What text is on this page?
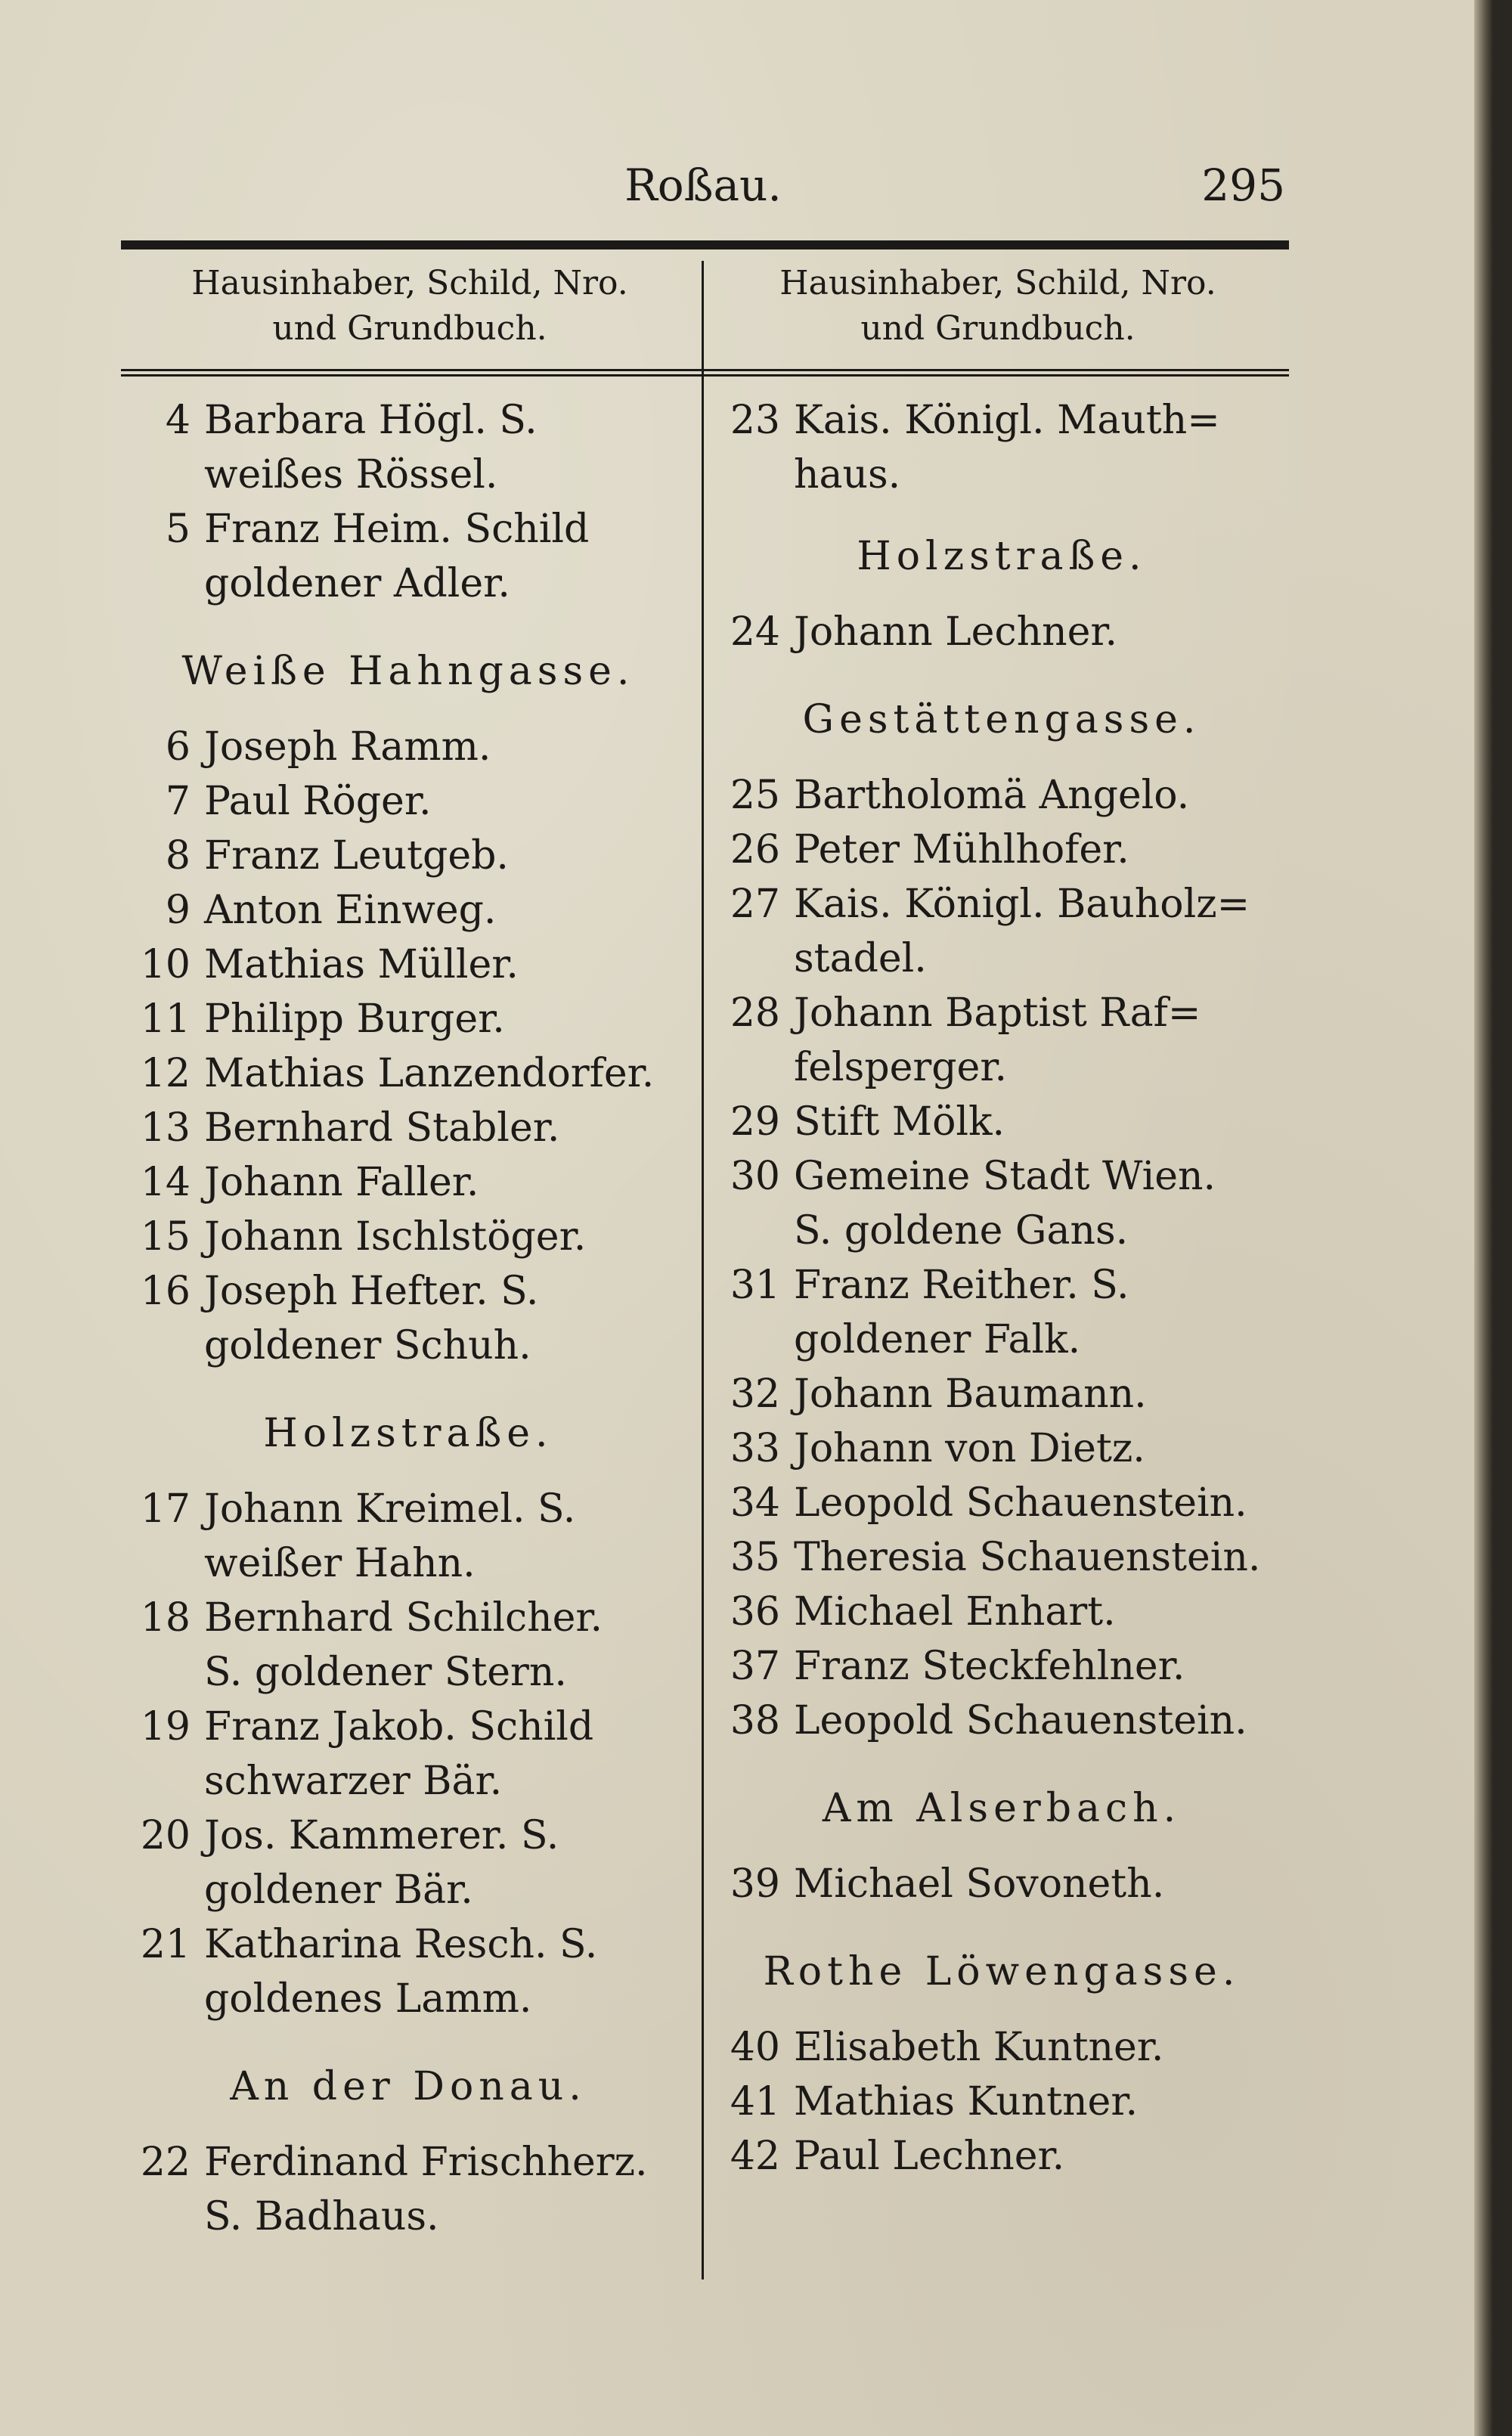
Roßau.	295
Hausinhaber, Schild, Nro.
und Grundbuch.
Hausinhaber, Schild, Nro.
und Grundbuch.
4 Barbara Högl. S.
weißes Rössel.
5 Franz Heim. Schild
goldener Adler.
Weiße Hahngasse.
6 Joseph Ramm.
7 Paul Röger.
8 Franz Leutgeb.
9 Anton Einweg.
10 Mathias Müller.
11 Philipp Burger.
12 Mathias Lanzendorfer.
13 Bernhard Stabler.
14 Johann Faller.
15 Johann Ischlstöger.
16 Joseph Hefter. S.
goldener Schuh.
Holzstraße.
17 Johann Kreimel. S.
weißer Hahn.
18 Bernhard Schilcher.
S. goldener Stern.
19 Franz Jakob. Schild
schwarzer Bär.
20 Jos. Kammerer. S.
goldener Bär.
21 Katharina Resch. S.
goldenes Lamm.
An der Donau.
22 Ferdinand Frischherz.
S. Badhaus.
23 Kais. Königl. Mauth=
haus.
Holzstraße.
24 Johann Lechner.
Gestättengasse.
25 Bartholomä Angelo.
26 Peter Mühlhofer.
27 Kais. Königl. Bauholz=
stadel.
28 Johann Baptist Raf=
felsperger.
29 Stift Mölk.
30 Gemeine Stadt Wien.
S. goldene Gans.
31 Franz Reither. S.
goldener Falk.
32 Johann Baumann.
33 Johann von Dietz.
34 Leopold Schauenstein.
35 Theresia Schauenstein.
36 Michael Enhart.
37 Franz Steckfehlner.
38 Leopold Schauenstein.
Am Alserbach.
39 Michael Sovoneth.
Rothe Löwengasse.
40 Elisabeth Kuntner.
41 Mathias Kuntner.
42 Paul Lechner.
